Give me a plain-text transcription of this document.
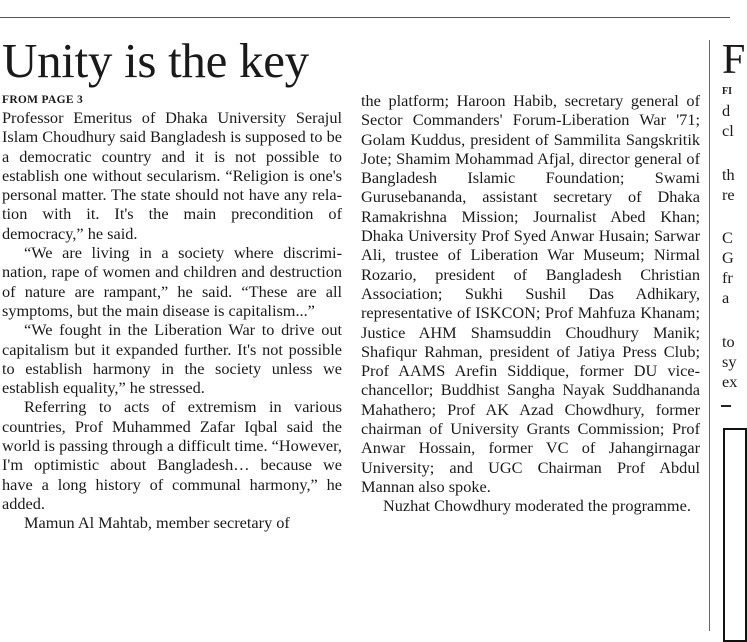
Unity is the key
FROM PAGE 3

Professor Emeritus of Dhaka University Serajul Islam Choudhury said Bangladesh is supposed to be a democratic country and it is not possible to establish one without secularism. “Religion is one's personal matter. The state should not have any relation with it. It's the main precondition of democracy,” he said.

“We are living in a society where discrimination, rape of women and children and destruction of nature are rampant,” he said. “These are all symptoms, but the main disease is capitalism...”

“We fought in the Liberation War to drive out capitalism but it expanded further. It's not possible to establish harmony in the society unless we establish equality,” he stressed.

Referring to acts of extremism in various countries, Prof Muhammed Zafar Iqbal said the world is passing through a difficult time. “However, I'm optimistic about Bangladesh… because we have a long history of communal harmony,” he added.

Mamun Al Mahtab, member secretary of

the platform; Haroon Habib, secretary general of Sector Commanders' Forum-Liberation War '71; Golam Kuddus, president of Sammilita Sangskritik Jote; Shamim Mohammad Afjal, director general of Bangladesh Islamic Foundation; Swami Gurusebananda, assistant secretary of Dhaka Ramakrishna Mission; Journalist Abed Khan; Dhaka University Prof Syed Anwar Husain; Sarwar Ali, trustee of Liberation War Museum; Nirmal Rozario, president of Bangladesh Christian Association; Sukhi Sushil Das Adhikary, representative of ISKCON; Prof Mahfuza Khanam; Justice AHM Shamsuddin Choudhury Manik; Shafiqur Rahman, president of Jatiya Press Club; Prof AAMS Arefin Siddique, former DU vice-chancellor; Buddhist Sangha Nayak Suddhananda Mahathero; Prof AK Azad Chowdhury, former chairman of University Grants Commission; Prof Anwar Hossain, former VC of Jahangirnagar University; and UGC Chairman Prof Abdul Mannan also spoke.

Nuzhat Chowdhury moderated the programme.

F
FI
d
cl
th
re
C
G
fr
a
to
sy
ex
